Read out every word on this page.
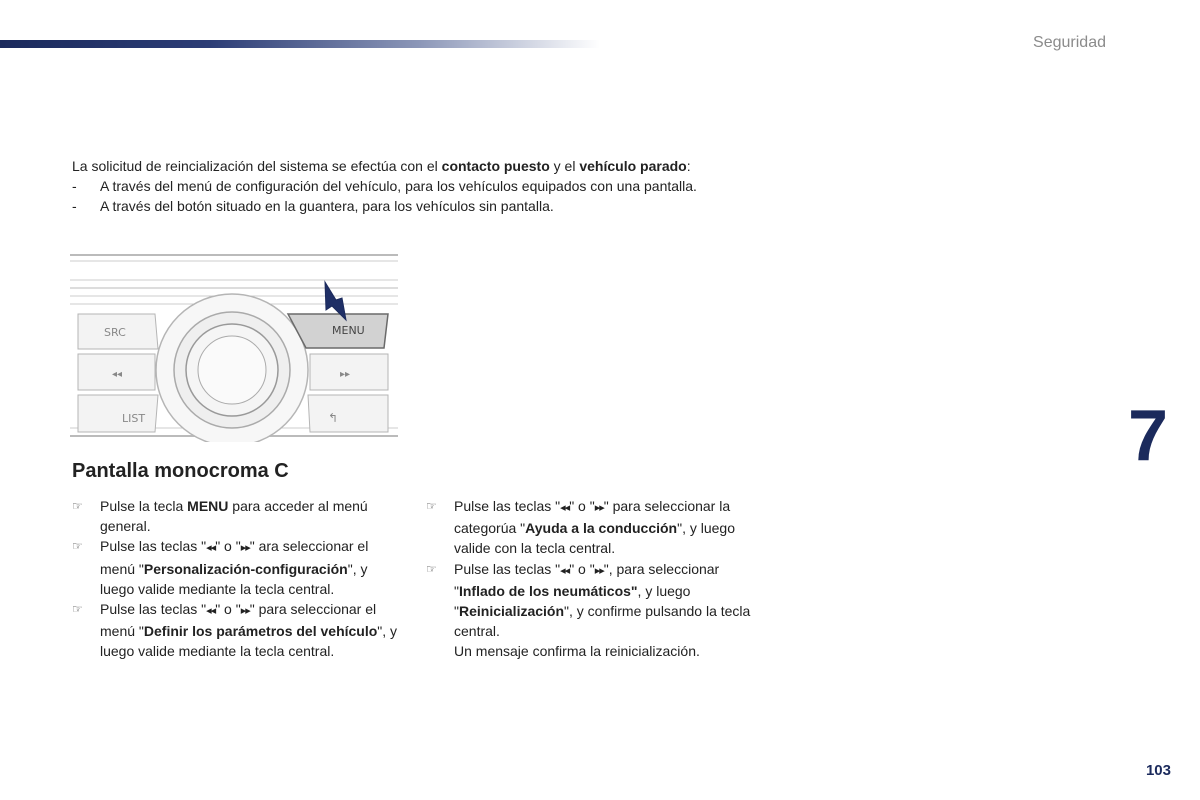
Seguridad
7
103

La solicitud de reincialización del sistema se efectúa con el contacto puesto y el vehículo parado:

- A través del menú de configuración del vehículo, para los vehículos equipados con una pantalla.

- A través del botón situado en la guantera, para los vehículos sin pantalla.

SRC	MENU
◂◂	▸▸
LIST	↰
Pantalla monocroma C

☞ Pulse la tecla MENU para acceder al menú general.

☞ Pulse las teclas "◂◂" o "▸▸" ara seleccionar el menú "Personalización-configuración", y luego valide mediante la tecla central.

☞ Pulse las teclas "◂◂" o "▸▸" para seleccionar el menú "Definir los parámetros del vehículo", y luego valide mediante la tecla central.

☞ Pulse las teclas "◂◂" o "▸▸" para seleccionar la categorúa "Ayuda a la conducción", y luego valide con la tecla central.

☞ Pulse las teclas "◂◂" o "▸▸", para seleccionar "Inflado de los neumáticos", y luego "Reinicialización", y confirme pulsando la tecla central.

Un mensaje confirma la reinicialización.
